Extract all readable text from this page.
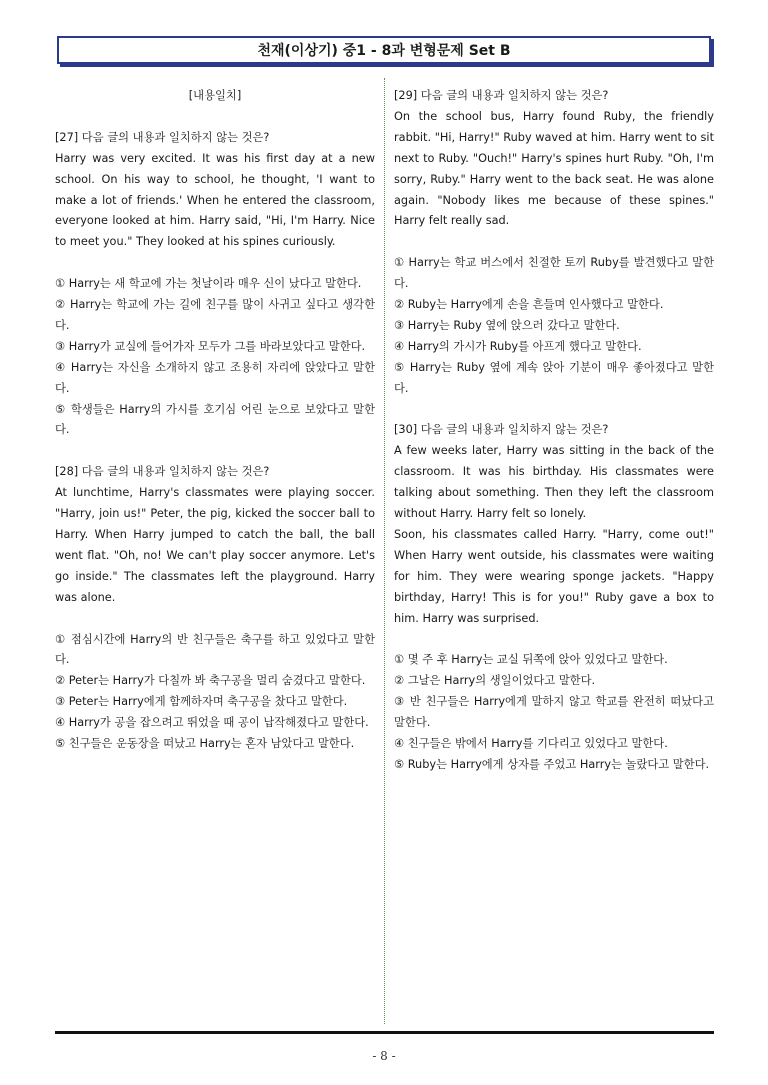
천재(이상기) 중1 - 8과 변형문제 Set B

[내용일치]

[27] 다음 글의 내용과 일치하지 않는 것은?

Harry was very excited. It was his first day at a new school. On his way to school, he thought, 'I want to make a lot of friends.' When he entered the classroom, everyone looked at him. Harry said, "Hi, I'm Harry. Nice to meet you." They looked at his spines curiously.

① Harry는 새 학교에 가는 첫날이라 매우 신이 났다고 말한다.

② Harry는 학교에 가는 길에 친구를 많이 사귀고 싶다고 생각한다.

③ Harry가 교실에 들어가자 모두가 그를 바라보았다고 말한다.

④ Harry는 자신을 소개하지 않고 조용히 자리에 앉았다고 말한다.

⑤ 학생들은 Harry의 가시를 호기심 어린 눈으로 보았다고 말한다.

[28] 다음 글의 내용과 일치하지 않는 것은?

At lunchtime, Harry's classmates were playing soccer. "Harry, join us!" Peter, the pig, kicked the soccer ball to Harry. When Harry jumped to catch the ball, the ball went flat. "Oh, no! We can't play soccer anymore. Let's go inside." The classmates left the playground. Harry was alone.

① 점심시간에 Harry의 반 친구들은 축구를 하고 있었다고 말한다.

② Peter는 Harry가 다칠까 봐 축구공을 멀리 숨겼다고 말한다.

③ Peter는 Harry에게 함께하자며 축구공을 찼다고 말한다.

④ Harry가 공을 잡으려고 뛰었을 때 공이 납작해졌다고 말한다.

⑤ 친구들은 운동장을 떠났고 Harry는 혼자 남았다고 말한다.

[29] 다음 글의 내용과 일치하지 않는 것은?

On the school bus, Harry found Ruby, the friendly rabbit. "Hi, Harry!" Ruby waved at him. Harry went to sit next to Ruby. "Ouch!" Harry's spines hurt Ruby. "Oh, I'm sorry, Ruby." Harry went to the back seat. He was alone again. "Nobody likes me because of these spines." Harry felt really sad.

① Harry는 학교 버스에서 친절한 토끼 Ruby를 발견했다고 말한다.

② Ruby는 Harry에게 손을 흔들며 인사했다고 말한다.

③ Harry는 Ruby 옆에 앉으러 갔다고 말한다.

④ Harry의 가시가 Ruby를 아프게 했다고 말한다.

⑤ Harry는 Ruby 옆에 계속 앉아 기분이 매우 좋아졌다고 말한다.

[30] 다음 글의 내용과 일치하지 않는 것은?

A few weeks later, Harry was sitting in the back of the classroom. It was his birthday. His classmates were talking about something. Then they left the classroom without Harry. Harry felt so lonely.

Soon, his classmates called Harry. "Harry, come out!" When Harry went outside, his classmates were waiting for him. They were wearing sponge jackets. "Happy birthday, Harry! This is for you!" Ruby gave a box to him. Harry was surprised.

① 몇 주 후 Harry는 교실 뒤쪽에 앉아 있었다고 말한다.

② 그날은 Harry의 생일이었다고 말한다.

③ 반 친구들은 Harry에게 말하지 않고 학교를 완전히 떠났다고 말한다.

④ 친구들은 밖에서 Harry를 기다리고 있었다고 말한다.

⑤ Ruby는 Harry에게 상자를 주었고 Harry는 놀랐다고 말한다.

- 8 -
